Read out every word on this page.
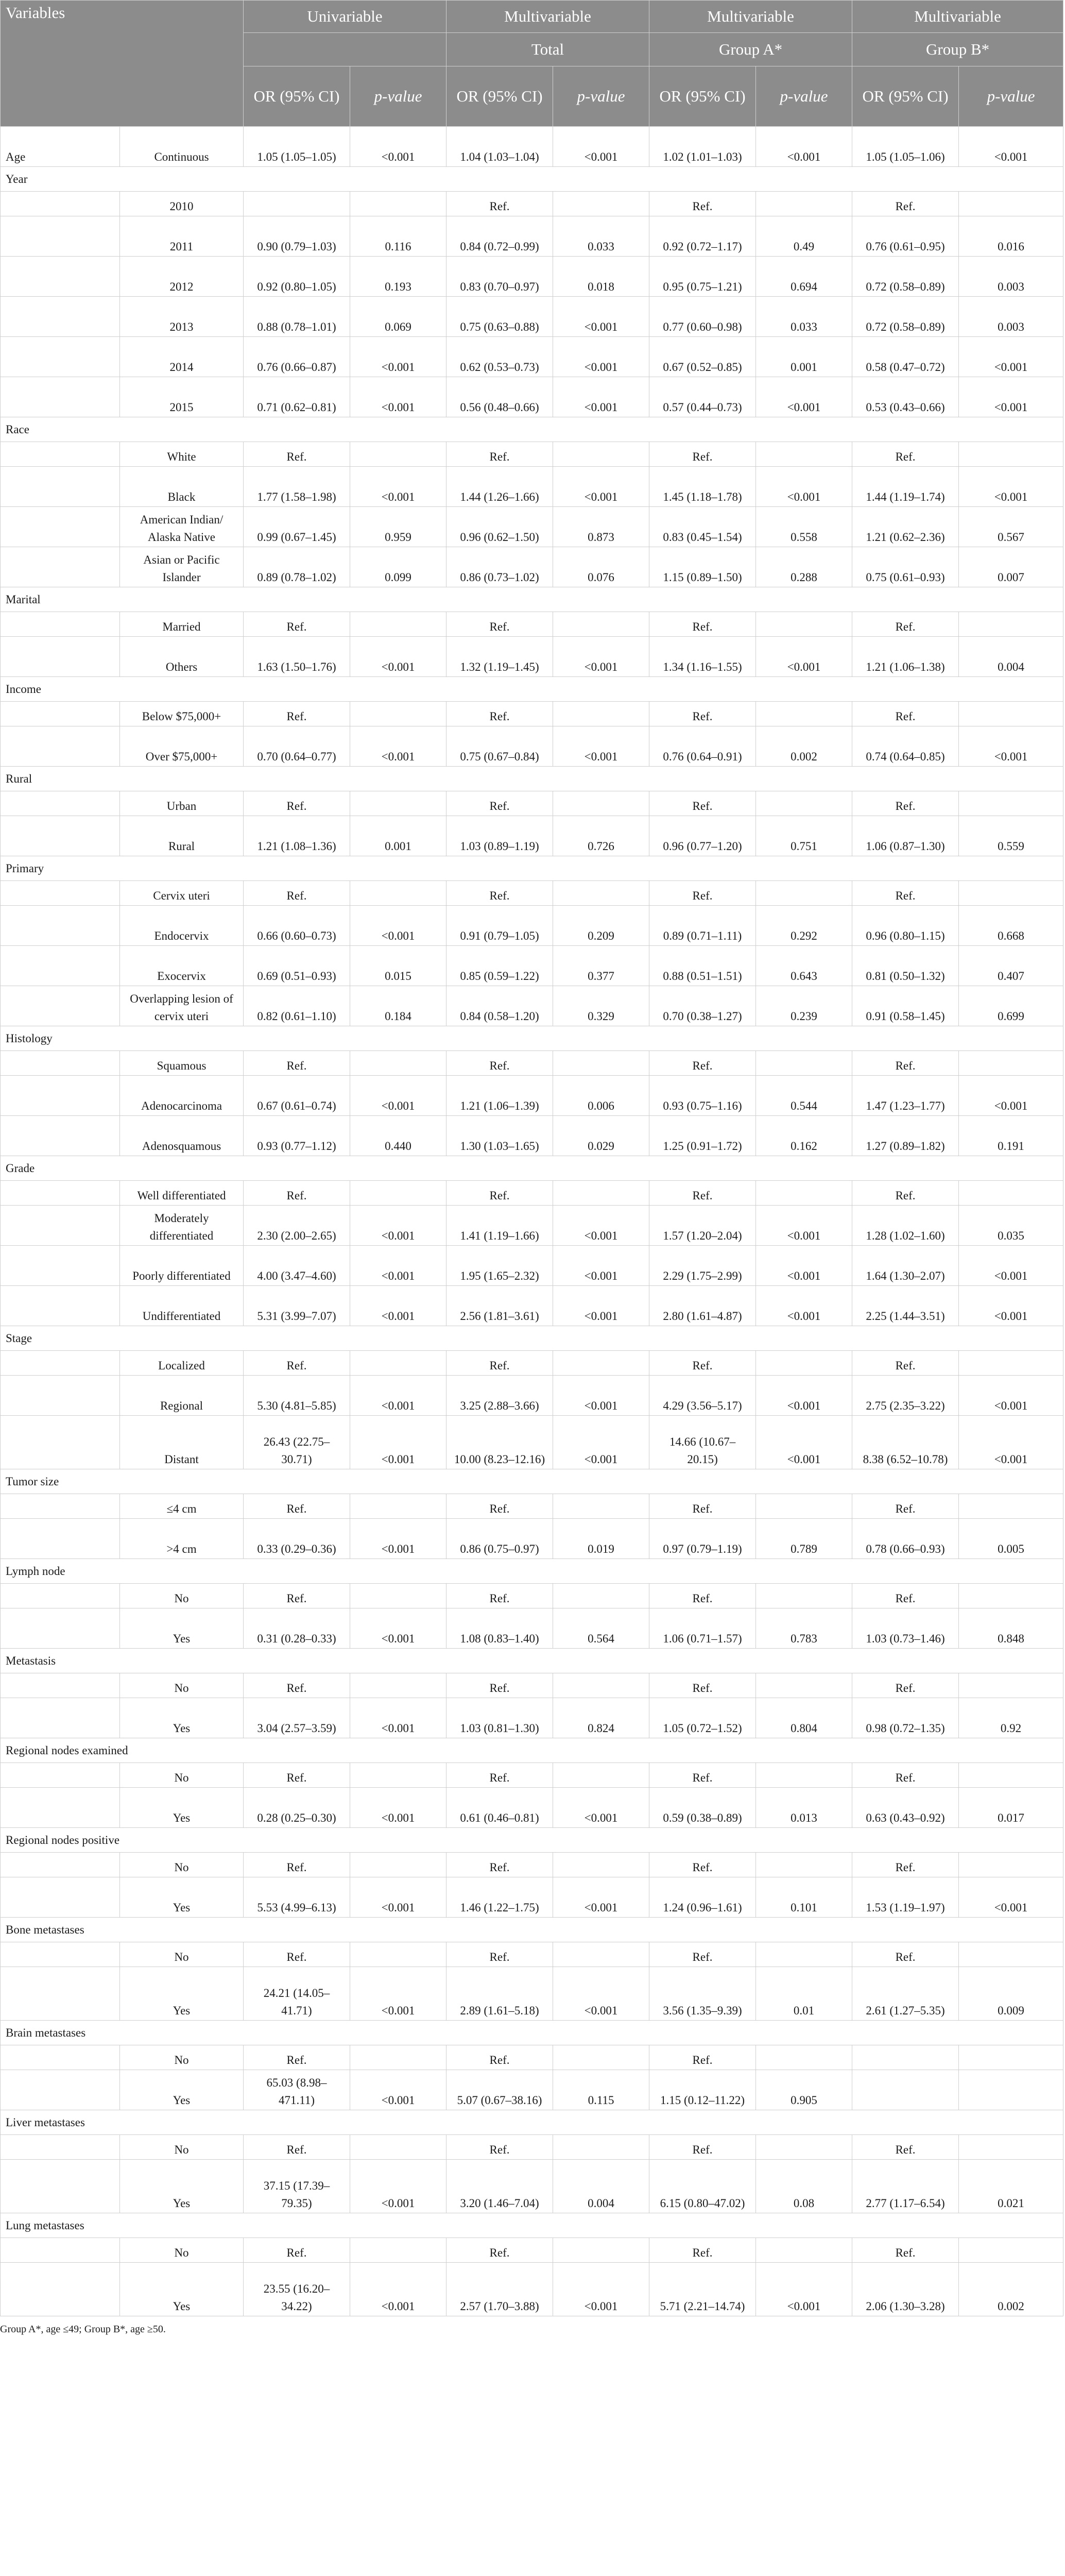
Variables		Univariable		Multivariable		Multivariable		Multivariable	
				Total		Group A*		Group B*	
		OR (95% CI)	p-value	OR (95% CI)	p-value	OR (95% CI)	p-value	OR (95% CI)	p-value
Age	Continuous	1.05 (1.05–1.05)	<0.001	1.04 (1.03–1.04)	<0.001	1.02 (1.01–1.03)	<0.001	1.05 (1.05–1.06)	<0.001
Year									
	2010			Ref.		Ref.		Ref.	
	2011	0.90 (0.79–1.03)	0.116	0.84 (0.72–0.99)	0.033	0.92 (0.72–1.17)	0.49	0.76 (0.61–0.95)	0.016
	2012	0.92 (0.80–1.05)	0.193	0.83 (0.70–0.97)	0.018	0.95 (0.75–1.21)	0.694	0.72 (0.58–0.89)	0.003
	2013	0.88 (0.78–1.01)	0.069	0.75 (0.63–0.88)	<0.001	0.77 (0.60–0.98)	0.033	0.72 (0.58–0.89)	0.003
	2014	0.76 (0.66–0.87)	<0.001	0.62 (0.53–0.73)	<0.001	0.67 (0.52–0.85)	0.001	0.58 (0.47–0.72)	<0.001
	2015	0.71 (0.62–0.81)	<0.001	0.56 (0.48–0.66)	<0.001	0.57 (0.44–0.73)	<0.001	0.53 (0.43–0.66)	<0.001
Race									
	White	Ref.		Ref.		Ref.		Ref.	
	Black	1.77 (1.58–1.98)	<0.001	1.44 (1.26–1.66)	<0.001	1.45 (1.18–1.78)	<0.001	1.44 (1.19–1.74)	<0.001
	American Indian/ Alaska Native	0.99 (0.67–1.45)	0.959	0.96 (0.62–1.50)	0.873	0.83 (0.45–1.54)	0.558	1.21 (0.62–2.36)	0.567
	Asian or Pacific Islander	0.89 (0.78–1.02)	0.099	0.86 (0.73–1.02)	0.076	1.15 (0.89–1.50)	0.288	0.75 (0.61–0.93)	0.007
Marital									
	Married	Ref.		Ref.		Ref.		Ref.	
	Others	1.63 (1.50–1.76)	<0.001	1.32 (1.19–1.45)	<0.001	1.34 (1.16–1.55)	<0.001	1.21 (1.06–1.38)	0.004
Income									
	Below $75,000+	Ref.		Ref.		Ref.		Ref.	
	Over $75,000+	0.70 (0.64–0.77)	<0.001	0.75 (0.67–0.84)	<0.001	0.76 (0.64–0.91)	0.002	0.74 (0.64–0.85)	<0.001
Rural									
	Urban	Ref.		Ref.		Ref.		Ref.	
	Rural	1.21 (1.08–1.36)	0.001	1.03 (0.89–1.19)	0.726	0.96 (0.77–1.20)	0.751	1.06 (0.87–1.30)	0.559
Primary									
	Cervix uteri	Ref.		Ref.		Ref.		Ref.	
	Endocervix	0.66 (0.60–0.73)	<0.001	0.91 (0.79–1.05)	0.209	0.89 (0.71–1.11)	0.292	0.96 (0.80–1.15)	0.668
	Exocervix	0.69 (0.51–0.93)	0.015	0.85 (0.59–1.22)	0.377	0.88 (0.51–1.51)	0.643	0.81 (0.50–1.32)	0.407
	Overlapping lesion of cervix uteri	0.82 (0.61–1.10)	0.184	0.84 (0.58–1.20)	0.329	0.70 (0.38–1.27)	0.239	0.91 (0.58–1.45)	0.699
Histology									
	Squamous	Ref.		Ref.		Ref.		Ref.	
	Adenocarcinoma	0.67 (0.61–0.74)	<0.001	1.21 (1.06–1.39)	0.006	0.93 (0.75–1.16)	0.544	1.47 (1.23–1.77)	<0.001
	Adenosquamous	0.93 (0.77–1.12)	0.440	1.30 (1.03–1.65)	0.029	1.25 (0.91–1.72)	0.162	1.27 (0.89–1.82)	0.191
Grade									
	Well differentiated	Ref.		Ref.		Ref.		Ref.	
	Moderately differentiated	2.30 (2.00–2.65)	<0.001	1.41 (1.19–1.66)	<0.001	1.57 (1.20–2.04)	<0.001	1.28 (1.02–1.60)	0.035
	Poorly differentiated	4.00 (3.47–4.60)	<0.001	1.95 (1.65–2.32)	<0.001	2.29 (1.75–2.99)	<0.001	1.64 (1.30–2.07)	<0.001
	Undifferentiated	5.31 (3.99–7.07)	<0.001	2.56 (1.81–3.61)	<0.001	2.80 (1.61–4.87)	<0.001	2.25 (1.44–3.51)	<0.001
Stage									
	Localized	Ref.		Ref.		Ref.		Ref.	
	Regional	5.30 (4.81–5.85)	<0.001	3.25 (2.88–3.66)	<0.001	4.29 (3.56–5.17)	<0.001	2.75 (2.35–3.22)	<0.001
	Distant	26.43 (22.75–30.71)	<0.001	10.00 (8.23–12.16)	<0.001	14.66 (10.67–20.15)	<0.001	8.38 (6.52–10.78)	<0.001
Tumor size									
	≤4 cm	Ref.		Ref.		Ref.		Ref.	
	>4 cm	0.33 (0.29–0.36)	<0.001	0.86 (0.75–0.97)	0.019	0.97 (0.79–1.19)	0.789	0.78 (0.66–0.93)	0.005
Lymph node									
	No	Ref.		Ref.		Ref.		Ref.	
	Yes	0.31 (0.28–0.33)	<0.001	1.08 (0.83–1.40)	0.564	1.06 (0.71–1.57)	0.783	1.03 (0.73–1.46)	0.848
Metastasis									
	No	Ref.		Ref.		Ref.		Ref.	
	Yes	3.04 (2.57–3.59)	<0.001	1.03 (0.81–1.30)	0.824	1.05 (0.72–1.52)	0.804	0.98 (0.72–1.35)	0.92
Regional nodes examined									
	No	Ref.		Ref.		Ref.		Ref.	
	Yes	0.28 (0.25–0.30)	<0.001	0.61 (0.46–0.81)	<0.001	0.59 (0.38–0.89)	0.013	0.63 (0.43–0.92)	0.017
Regional nodes positive									
	No	Ref.		Ref.		Ref.		Ref.	
	Yes	5.53 (4.99–6.13)	<0.001	1.46 (1.22–1.75)	<0.001	1.24 (0.96–1.61)	0.101	1.53 (1.19–1.97)	<0.001
Bone metastases									
	No	Ref.		Ref.		Ref.		Ref.	
	Yes	24.21 (14.05–41.71)	<0.001	2.89 (1.61–5.18)	<0.001	3.56 (1.35–9.39)	0.01	2.61 (1.27–5.35)	0.009
Brain metastases									
	No	Ref.		Ref.		Ref.			
	Yes	65.03 (8.98–471.11)	<0.001	5.07 (0.67–38.16)	0.115	1.15 (0.12–11.22)	0.905		
Liver metastases									
	No	Ref.		Ref.		Ref.		Ref.	
	Yes	37.15 (17.39–79.35)	<0.001	3.20 (1.46–7.04)	0.004	6.15 (0.80–47.02)	0.08	2.77 (1.17–6.54)	0.021
Lung metastases									
	No	Ref.		Ref.		Ref.		Ref.	
	Yes	23.55 (16.20–34.22)	<0.001	2.57 (1.70–3.88)	<0.001	5.71 (2.21–14.74)	<0.001	2.06 (1.30–3.28)	0.002
Group A*, age ≤49; Group B*, age ≥50.
